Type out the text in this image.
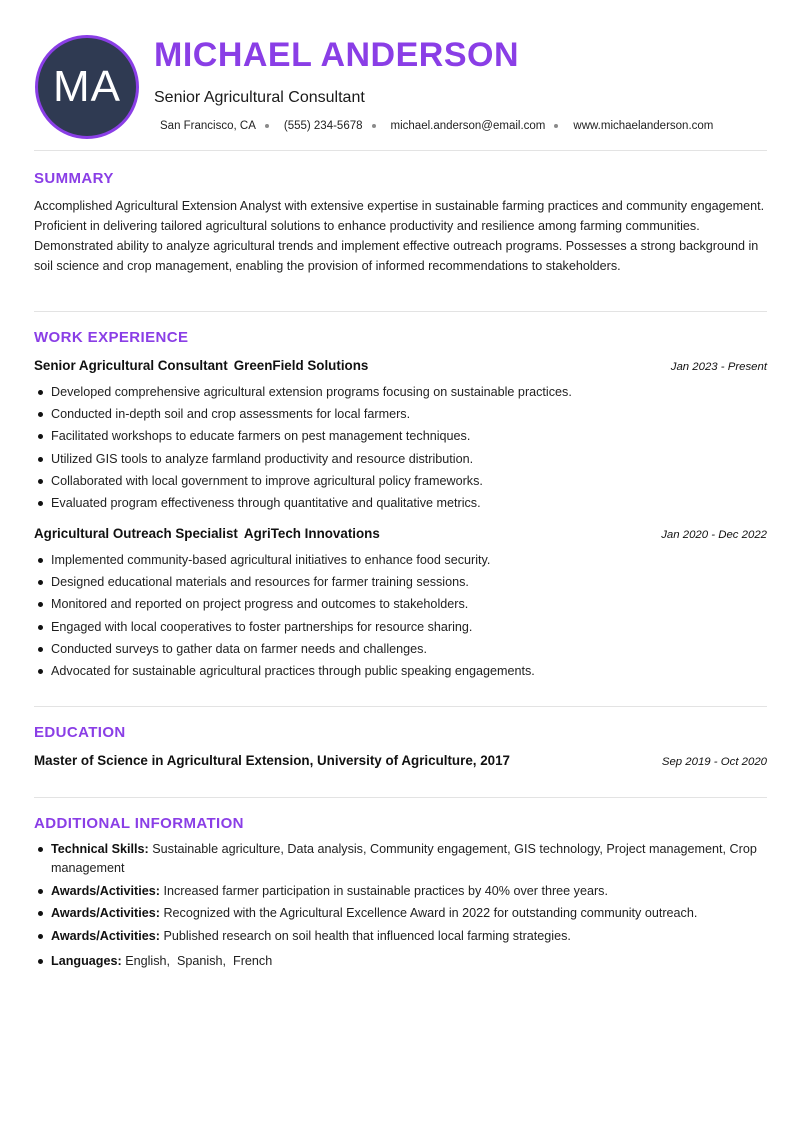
MA
MICHAEL ANDERSON
Senior Agricultural Consultant
San Francisco, CA (555) 234-5678 michael.anderson@email.com www.michaelanderson.com
SUMMARY
Accomplished Agricultural Extension Analyst with extensive expertise in sustainable farming practices and community engagement. Proficient in delivering tailored agricultural solutions to enhance productivity and resilience among farming communities. Demonstrated ability to analyze agricultural trends and implement effective outreach programs. Possesses a strong background in soil science and crop management, enabling the provision of informed recommendations to stakeholders.
WORK EXPERIENCE
Senior Agricultural Consultant GreenField Solutions	Jan 2023 - Present
Developed comprehensive agricultural extension programs focusing on sustainable practices.
Conducted in-depth soil and crop assessments for local farmers.
Facilitated workshops to educate farmers on pest management techniques.
Utilized GIS tools to analyze farmland productivity and resource distribution.
Collaborated with local government to improve agricultural policy frameworks.
Evaluated program effectiveness through quantitative and qualitative metrics.
Agricultural Outreach Specialist AgriTech Innovations	Jan 2020 - Dec 2022
Implemented community-based agricultural initiatives to enhance food security.
Designed educational materials and resources for farmer training sessions.
Monitored and reported on project progress and outcomes to stakeholders.
Engaged with local cooperatives to foster partnerships for resource sharing.
Conducted surveys to gather data on farmer needs and challenges.
Advocated for sustainable agricultural practices through public speaking engagements.
EDUCATION
Master of Science in Agricultural Extension, University of Agriculture, 2017	Sep 2019 - Oct 2020
ADDITIONAL INFORMATION
Technical Skills: Sustainable agriculture, Data analysis, Community engagement, GIS technology, Project management, Crop management
Awards/Activities: Increased farmer participation in sustainable practices by 40% over three years.
Awards/Activities: Recognized with the Agricultural Excellence Award in 2022 for outstanding community outreach.
Awards/Activities: Published research on soil health that influenced local farming strategies.
Languages: English,  Spanish,  French
